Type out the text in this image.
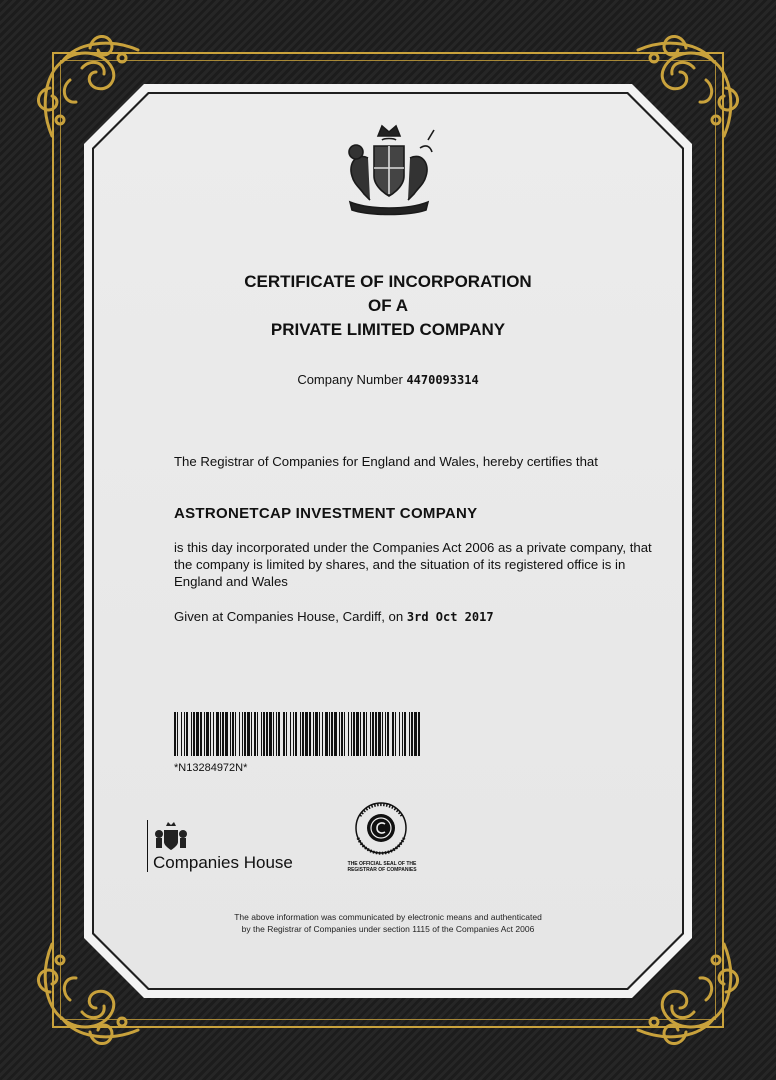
CERTIFICATE OF INCORPORATION
OF A
PRIVATE LIMITED COMPANY
Company Number 4470093314
The Registrar of Companies for England and Wales, hereby certifies that
ASTRONETCAP INVESTMENT COMPANY
is this day incorporated under the Companies Act 2006 as a private company, that the company is limited by shares, and the situation of its registered office is in England and Wales
Given at Companies House, Cardiff, on 3rd Oct 2017
*N13284972N*
Companies House	THE OFFICIAL SEAL OF THE
REGISTRAR OF COMPANIES
The above information was communicated by electronic means and authenticated
by the Registrar of Companies under section 1115 of the Companies Act 2006
